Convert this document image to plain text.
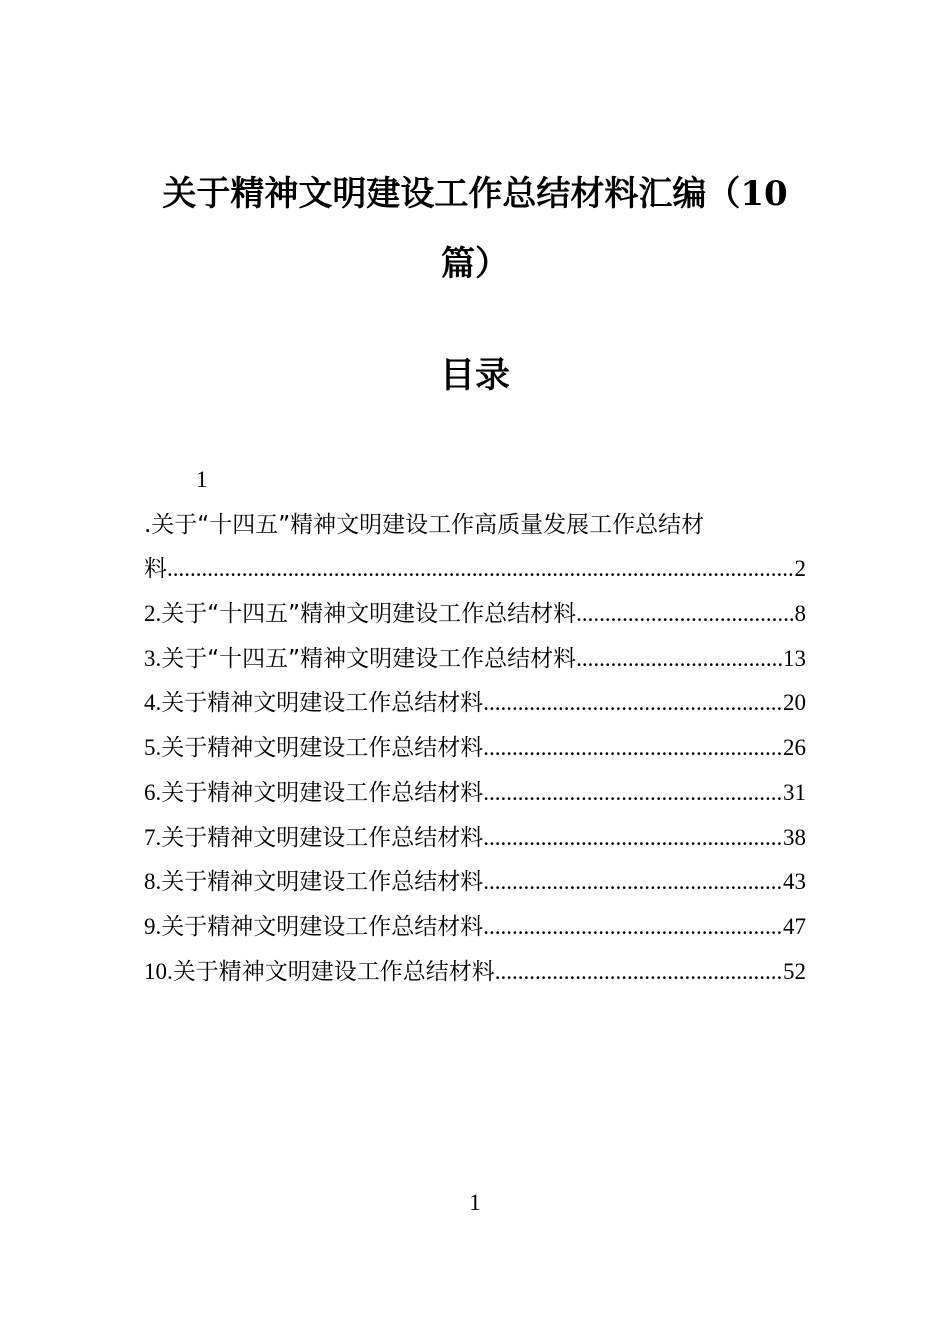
关于精神文明建设工作总结材料汇编（10
篇）
目录
1
.关于“十四五”精神文明建设工作高质量发展工作总结材
料 .....	2
2. 关于“十四五”精神文明建设工作总结材料 .....	8
3. 关于“十四五”精神文明建设工作总结材料 .....	13
4. 关于精神文明建设工作总结材料 .....	20
5. 关于精神文明建设工作总结材料 .....	26
6. 关于精神文明建设工作总结材料 .....	31
7. 关于精神文明建设工作总结材料 .....	38
8. 关于精神文明建设工作总结材料 .....	43
9. 关于精神文明建设工作总结材料 .....	47
10. 关于精神文明建设工作总结材料 .....	52

1
